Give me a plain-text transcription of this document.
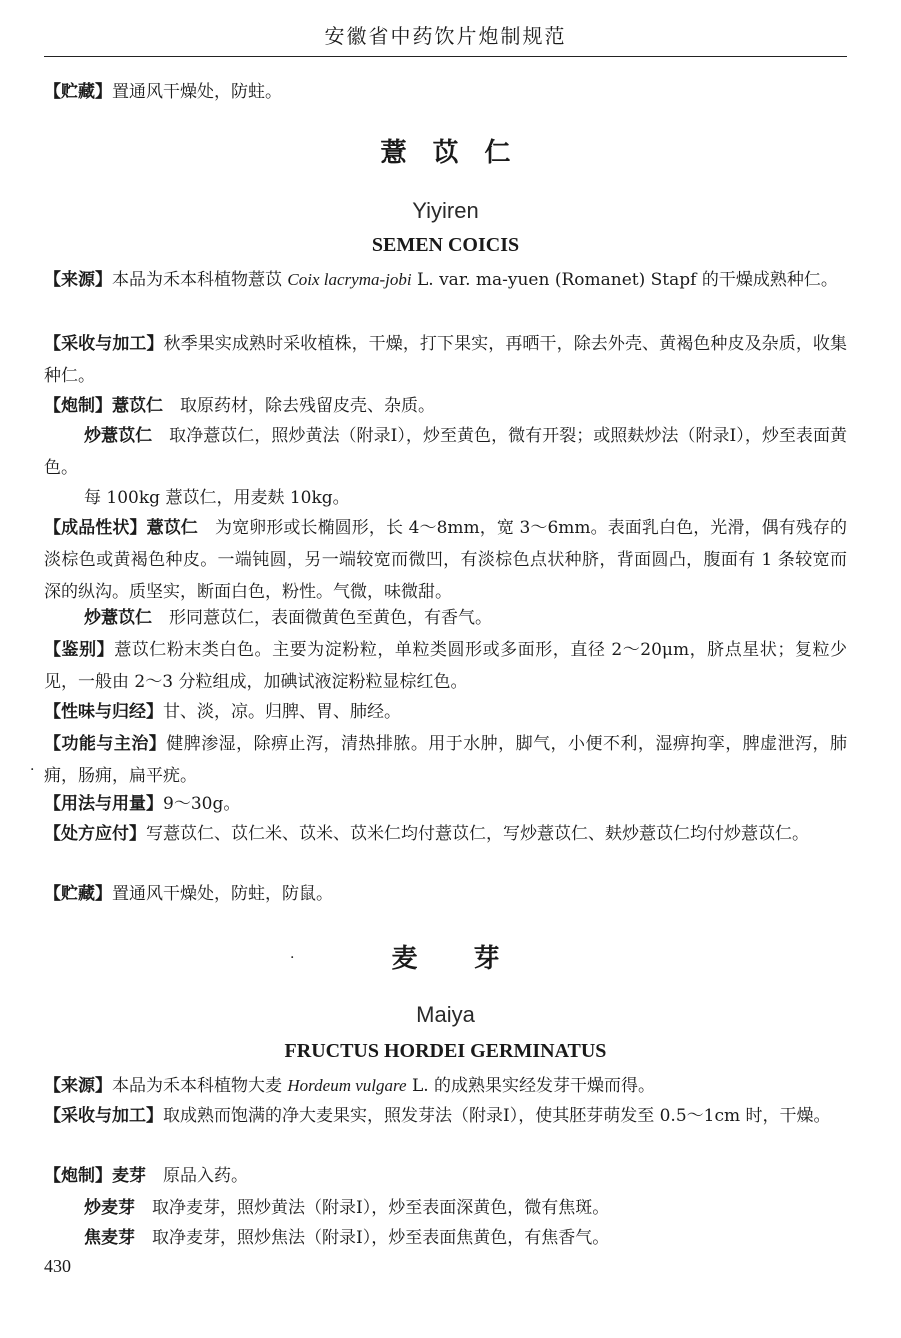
安徽省中药饮片炮制规范
【贮藏】置通风干燥处，防蛀。
薏苡仁
Yiyiren
SEMEN COICIS
【来源】本品为禾本科植物薏苡 Coix lacryma-jobi L. var. ma-yuen (Romanet) Stapf 的干燥成熟种仁。
【采收与加工】秋季果实成熟时采收植株，干燥，打下果实，再晒干，除去外壳、黄褐色种皮及杂质，收集种仁。
【炮制】薏苡仁　取原药材，除去残留皮壳、杂质。
炒薏苡仁　取净薏苡仁，照炒黄法（附录Ⅰ），炒至黄色，微有开裂；或照麸炒法（附录Ⅰ），炒至表面黄色。
每 100kg 薏苡仁，用麦麸 10kg。
【成品性状】薏苡仁　为宽卵形或长椭圆形，长 4～8mm，宽 3～6mm。表面乳白色，光滑，偶有残存的淡棕色或黄褐色种皮。一端钝圆，另一端较宽而微凹，有淡棕色点状种脐，背面圆凸，腹面有 1 条较宽而深的纵沟。质坚实，断面白色，粉性。气微，味微甜。
炒薏苡仁　形同薏苡仁，表面微黄色至黄色，有香气。
【鉴别】薏苡仁粉末类白色。主要为淀粉粒，单粒类圆形或多面形，直径 2～20μm，脐点星状；复粒少见，一般由 2～3 分粒组成，加碘试液淀粉粒显棕红色。
【性味与归经】甘、淡，凉。归脾、胃、肺经。
【功能与主治】健脾渗湿，除痹止泻，清热排脓。用于水肿，脚气，小便不利，湿痹拘挛，脾虚泄泻，肺痈，肠痈，扁平疣。
·
【用法与用量】9～30g。
【处方应付】写薏苡仁、苡仁米、苡米、苡米仁均付薏苡仁，写炒薏苡仁、麸炒薏苡仁均付炒薏苡仁。
【贮藏】置通风干燥处，防蛀，防鼠。
·	麦芽
Maiya
FRUCTUS HORDEI GERMINATUS
【来源】本品为禾本科植物大麦 Hordeum vulgare L. 的成熟果实经发芽干燥而得。
【采收与加工】取成熟而饱满的净大麦果实，照发芽法（附录Ⅰ），使其胚芽萌发至 0.5～1cm 时，干燥。
【炮制】麦芽　原品入药。
炒麦芽　取净麦芽，照炒黄法（附录Ⅰ），炒至表面深黄色，微有焦斑。
焦麦芽　取净麦芽，照炒焦法（附录Ⅰ），炒至表面焦黄色，有焦香气。
430
